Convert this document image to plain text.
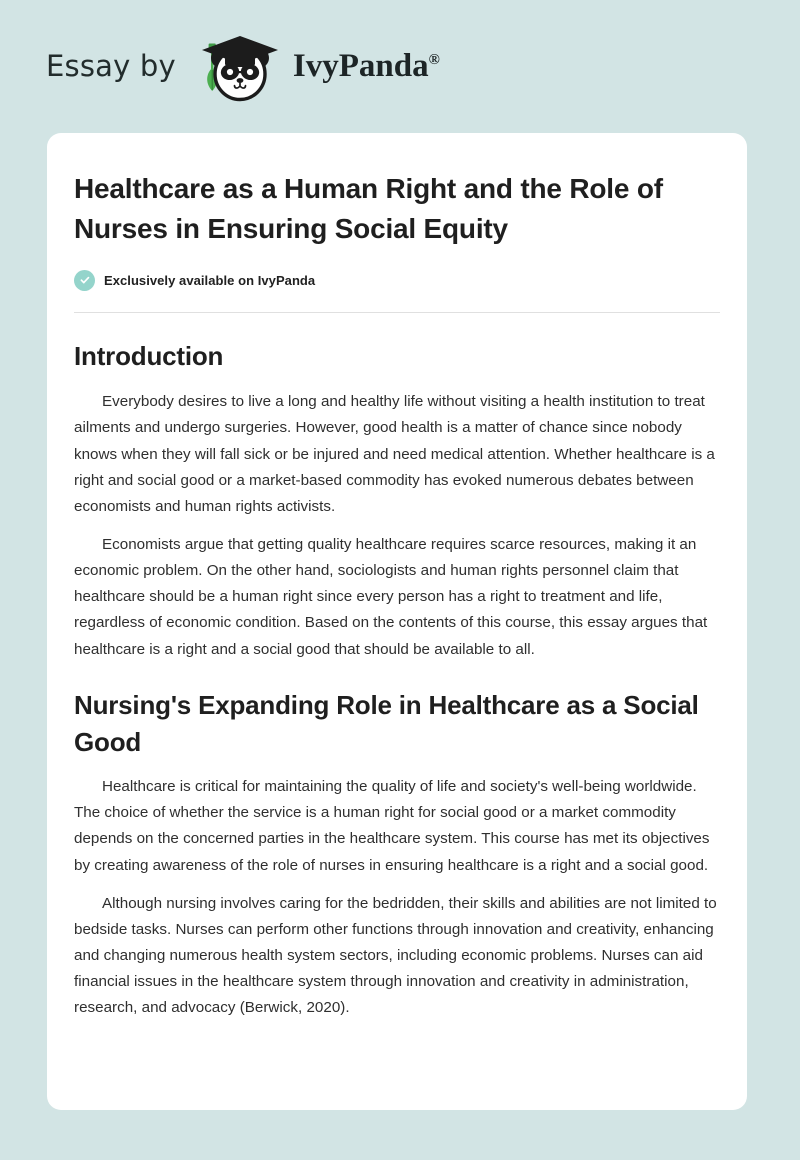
Essay by	IvyPanda®
Healthcare as a Human Right and the Role of Nurses in Ensuring Social Equity
Exclusively available on IvyPanda
Introduction

Everybody desires to live a long and healthy life without visiting a health institution to treat ailments and undergo surgeries. However, good health is a matter of chance since nobody knows when they will fall sick or be injured and need medical attention. Whether healthcare is a right and social good or a market-based commodity has evoked numerous debates between economists and human rights activists.

Economists argue that getting quality healthcare requires scarce resources, making it an economic problem. On the other hand, sociologists and human rights personnel claim that healthcare should be a human right since every person has a right to treatment and life, regardless of economic condition. Based on the contents of this course, this essay argues that healthcare is a right and a social good that should be available to all.

Nursing's Expanding Role in Healthcare as a Social Good

Healthcare is critical for maintaining the quality of life and society's well-being worldwide. The choice of whether the service is a human right for social good or a market commodity depends on the concerned parties in the healthcare system. This course has met its objectives by creating awareness of the role of nurses in ensuring healthcare is a right and a social good.

Although nursing involves caring for the bedridden, their skills and abilities are not limited to bedside tasks. Nurses can perform other functions through innovation and creativity, enhancing and changing numerous health system sectors, including economic problems. Nurses can aid financial issues in the healthcare system through innovation and creativity in administration, research, and advocacy (Berwick, 2020).
